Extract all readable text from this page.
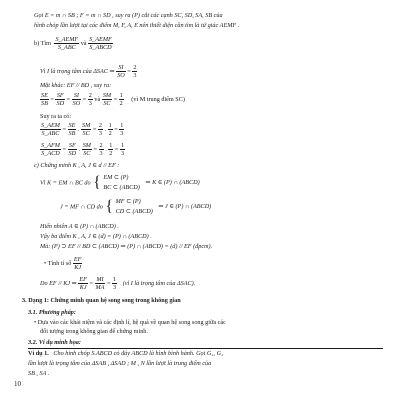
Gọi E = m ∩ SB ; F = m ∩ SD , suy ra (P) cắt các cạnh SC, SD, SA, SB của
hình chóp lần lượt tại các điểm M, F, A, E nên thiết diện cần tìm là tứ giác AEMF .
b) Tìm $\frac{\text{S\_AEMF}}{\text{S\_ABC}}$ và $\frac{\text{S\_AEMF}}{\text{S\_ABCD}}$
Vì I là trọng tâm của ΔSAC ⇒ $\frac{SI}{SO} = \frac{2}{3}$
Mặt khác: EF // BD , suy ra:
$\frac{SE}{SB} = \frac{SF}{SD} = \frac{SI}{SO} = \frac{2}{3}$ và $\frac{SM}{SC} = \frac{1}{2}$ (vì M trung điểm SC)
Suy ra ta có:
$\frac{\text{S\_AEM}}{\text{S\_ABC}} = \frac{SE}{SB}$ . $\frac{SM}{SC} = \frac{2}{3}$ . $\frac{1}{2} = \frac{1}{3}$
$\frac{\text{S\_AFM}}{\text{S\_ACD}} = \frac{SF}{SD}$ . $\frac{SM}{SC} = \frac{2}{3}$ . $\frac{1}{2} = \frac{1}{3}$
c) Chứng minh K , A, J ∈ d // EF :
Vì K = EM ∩ BC do { EM ⊂ (P)
BC ⊂ (ABCD)
⇒ K ∈ (P) ∩ (ABCD)
J = MF ∩ CD do { MF ⊂ (P)
CD ⊂ (ABCD)
⇒ J ∈ (P) ∩ (ABCD)
Hiển nhiên A ∈ (P) ∩ (ABCD) .
Vậy ba điểm K , A, J ∈ (d) = (P) ∩ (ABCD) .
Mà: (P) ⊃ EF // BD ⊂ (ABCD) ⇒ (P) ∩ (ABCD) = (d) // EF (đpcm).
• Tính tỉ số $\frac{EF}{KJ}$
Do EF // KJ ⇒ $\frac{EF}{KJ} = \frac{MI}{MA} = \frac{1}{3}$ (vì I là trọng tâm của ΔSAC).
3. Dạng 1: Chứng minh quan hệ song song trong không gian
3.1. Phương pháp:
• Dựa vào các khái niệm và các định lí, hệ quả về quan hệ song song giữa các
đối tượng trong không gian để chứng minh.
3.2. Ví dụ minh họa:
Ví dụ 1. Cho hình chóp S.ABCD có đáy ABCD là hình bình hành. Gọi G₁, G₂
lần lượt là trọng tâm của ΔSAB , ΔSAD ; M , N lần lượt là trung điểm của
SB , SA .
10
